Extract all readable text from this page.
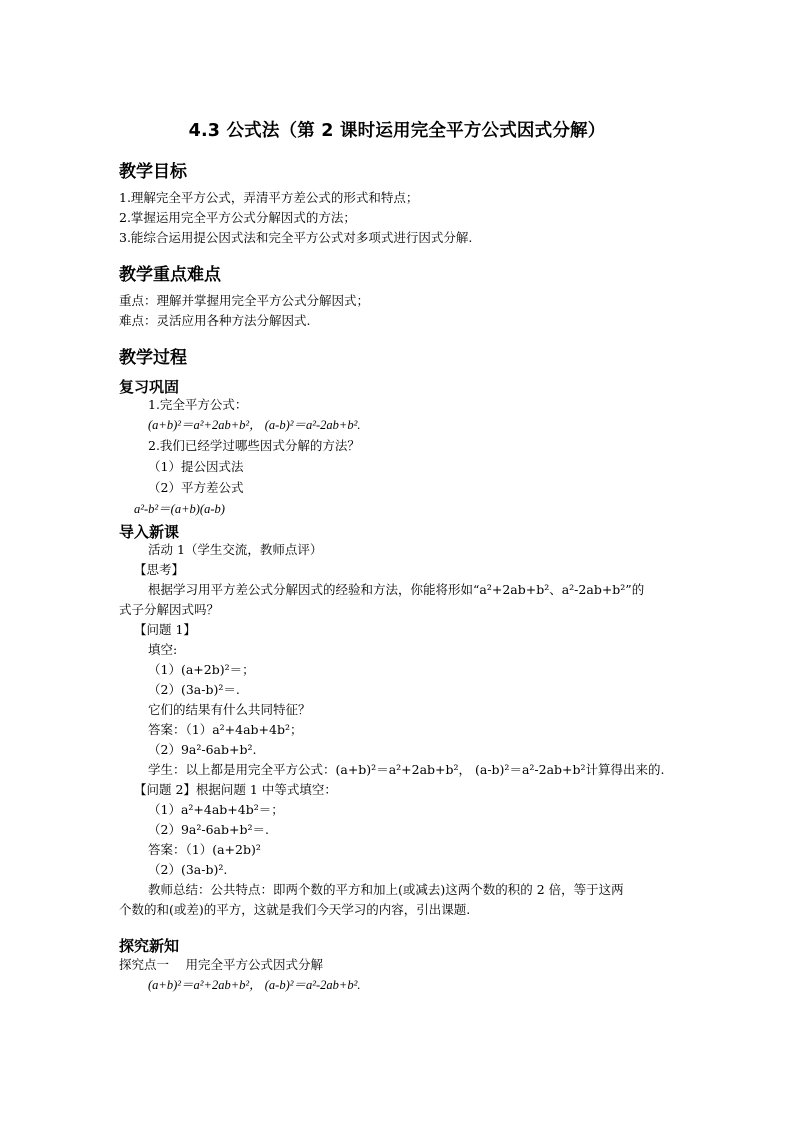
4.3 公式法（第 2 课时运用完全平方公式因式分解）
教学目标
1.理解完全平方公式，弄清平方差公式的形式和特点；
2.掌握运用完全平方公式分解因式的方法；
3.能综合运用提公因式法和完全平方公式对多项式进行因式分解.
教学重点难点
重点：理解并掌握用完全平方公式分解因式；
难点：灵活应用各种方法分解因式.
教学过程
复习巩固
1.完全平方公式：
(a+b)²＝a²+2ab+b²， (a-b)²＝a²-2ab+b².
2.我们已经学过哪些因式分解的方法？
（1）提公因式法
（2）平方差公式
a²-b²＝(a+b)(a-b)
导入新课
活动 1（学生交流，教师点评）
【思考】
根据学习用平方差公式分解因式的经验和方法，你能将形如“a²+2ab+b²、a²-2ab+b²”的
式子分解因式吗？
【问题 1】
填空:
（1）(a+2b)²＝；
（2）(3a-b)²＝.
它们的结果有什么共同特征？
答案：（1）a²+4ab+4b²；
（2）9a²-6ab+b².
学生：以上都是用完全平方公式：(a+b)²＝a²+2ab+b²， (a-b)²＝a²-2ab+b²计算得出来的.
【问题 2】根据问题 1 中等式填空：
（1）a²+4ab+4b²＝；
（2）9a²-6ab+b²＝.
答案：（1）(a+2b)²
（2）(3a-b)².
教师总结：公共特点：即两个数的平方和加上(或减去)这两个数的积的 2 倍，等于这两
个数的和(或差)的平方，这就是我们今天学习的内容，引出课题.
探究新知
探究点一　 用完全平方公式因式分解
(a+b)²＝a²+2ab+b²， (a-b)²＝a²-2ab+b².
